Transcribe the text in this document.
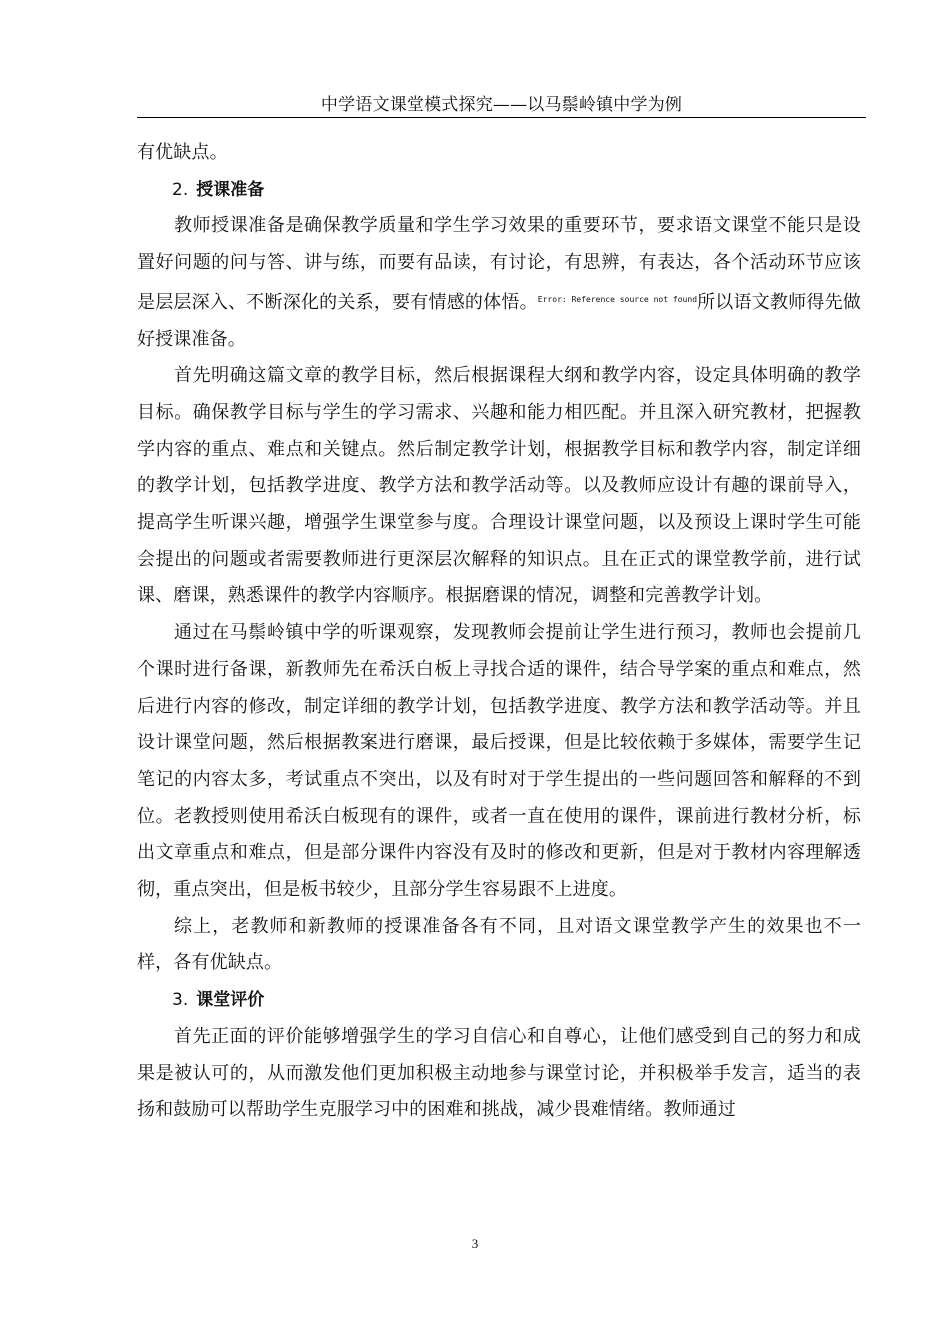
中学语文课堂模式探究——以马鬃岭镇中学为例

有优缺点。

2. 授课准备

教师授课准备是确保教学质量和学生学习效果的重要环节，要求语文课堂不能只是设置好问题的问与答、讲与练，而要有品读，有讨论，有思辨，有表达，各个活动环节应该是层层深入、不断深化的关系，要有情感的体悟。$^{Error: Reference source not found}$所以语文教师得先做好授课准备。

首先明确这篇文章的教学目标，然后根据课程大纲和教学内容，设定具体明确的教学目标。确保教学目标与学生的学习需求、兴趣和能力相匹配。并且深入研究教材，把握教学内容的重点、难点和关键点。然后制定教学计划，根据教学目标和教学内容，制定详细的教学计划，包括教学进度、教学方法和教学活动等。以及教师应设计有趣的课前导入，提高学生听课兴趣，增强学生课堂参与度。合理设计课堂问题，以及预设上课时学生可能会提出的问题或者需要教师进行更深层次解释的知识点。且在正式的课堂教学前，进行试课、磨课，熟悉课件的教学内容顺序。根据磨课的情况，调整和完善教学计划。

通过在马鬃岭镇中学的听课观察，发现教师会提前让学生进行预习，教师也会提前几个课时进行备课，新教师先在希沃白板上寻找合适的课件，结合导学案的重点和难点，然后进行内容的修改，制定详细的教学计划，包括教学进度、教学方法和教学活动等。并且设计课堂问题，然后根据教案进行磨课，最后授课，但是比较依赖于多媒体，需要学生记笔记的内容太多，考试重点不突出，以及有时对于学生提出的一些问题回答和解释的不到位。老教授则使用希沃白板现有的课件，或者一直在使用的课件，课前进行教材分析，标出文章重点和难点，但是部分课件内容没有及时的修改和更新，但是对于教材内容理解透彻，重点突出，但是板书较少，且部分学生容易跟不上进度。

综上，老教师和新教师的授课准备各有不同，且对语文课堂教学产生的效果也不一样，各有优缺点。

3. 课堂评价

首先正面的评价能够增强学生的学习自信心和自尊心，让他们感受到自己的努力和成果是被认可的，从而激发他们更加积极主动地参与课堂讨论，并积极举手发言，适当的表扬和鼓励可以帮助学生克服学习中的困难和挑战，减少畏难情绪。教师通过

3
